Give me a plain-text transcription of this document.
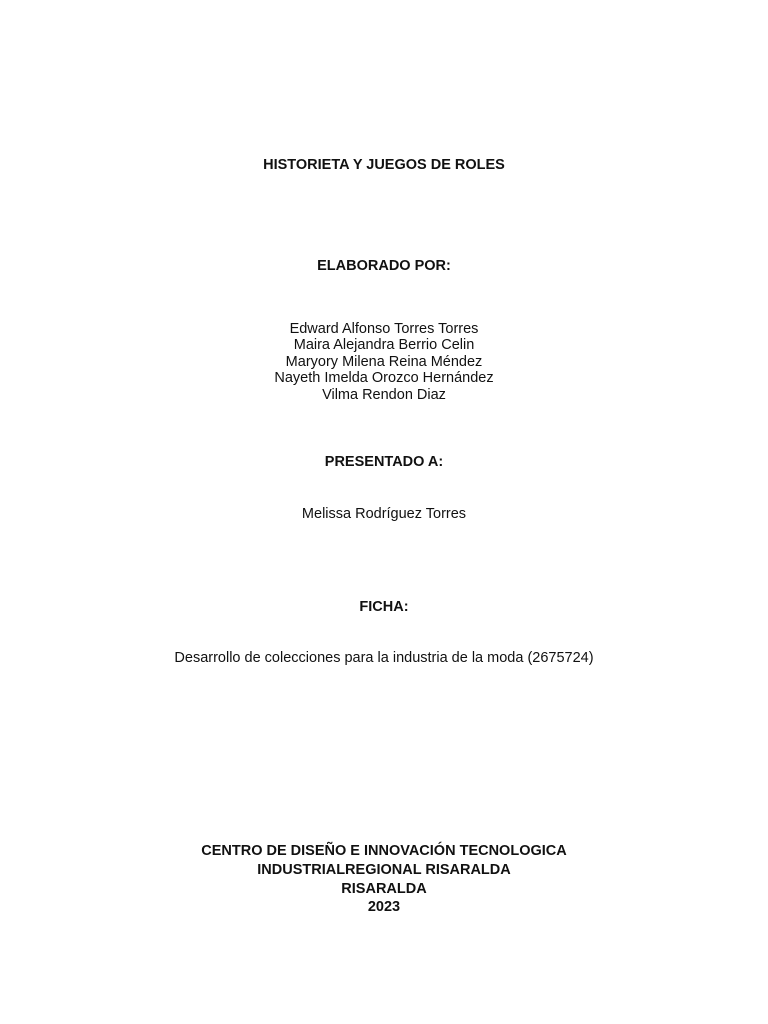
HISTORIETA Y JUEGOS DE ROLES
ELABORADO POR:
Edward Alfonso Torres Torres
Maira Alejandra Berrio Celin
Maryory Milena Reina Méndez
Nayeth Imelda Orozco Hernández
Vilma Rendon Diaz
PRESENTADO A:
Melissa Rodríguez Torres
FICHA:
Desarrollo de colecciones para la industria de la moda (2675724)
CENTRO DE DISEÑO E INNOVACIÓN TECNOLOGICA
INDUSTRIALREGIONAL RISARALDA
RISARALDA
2023
